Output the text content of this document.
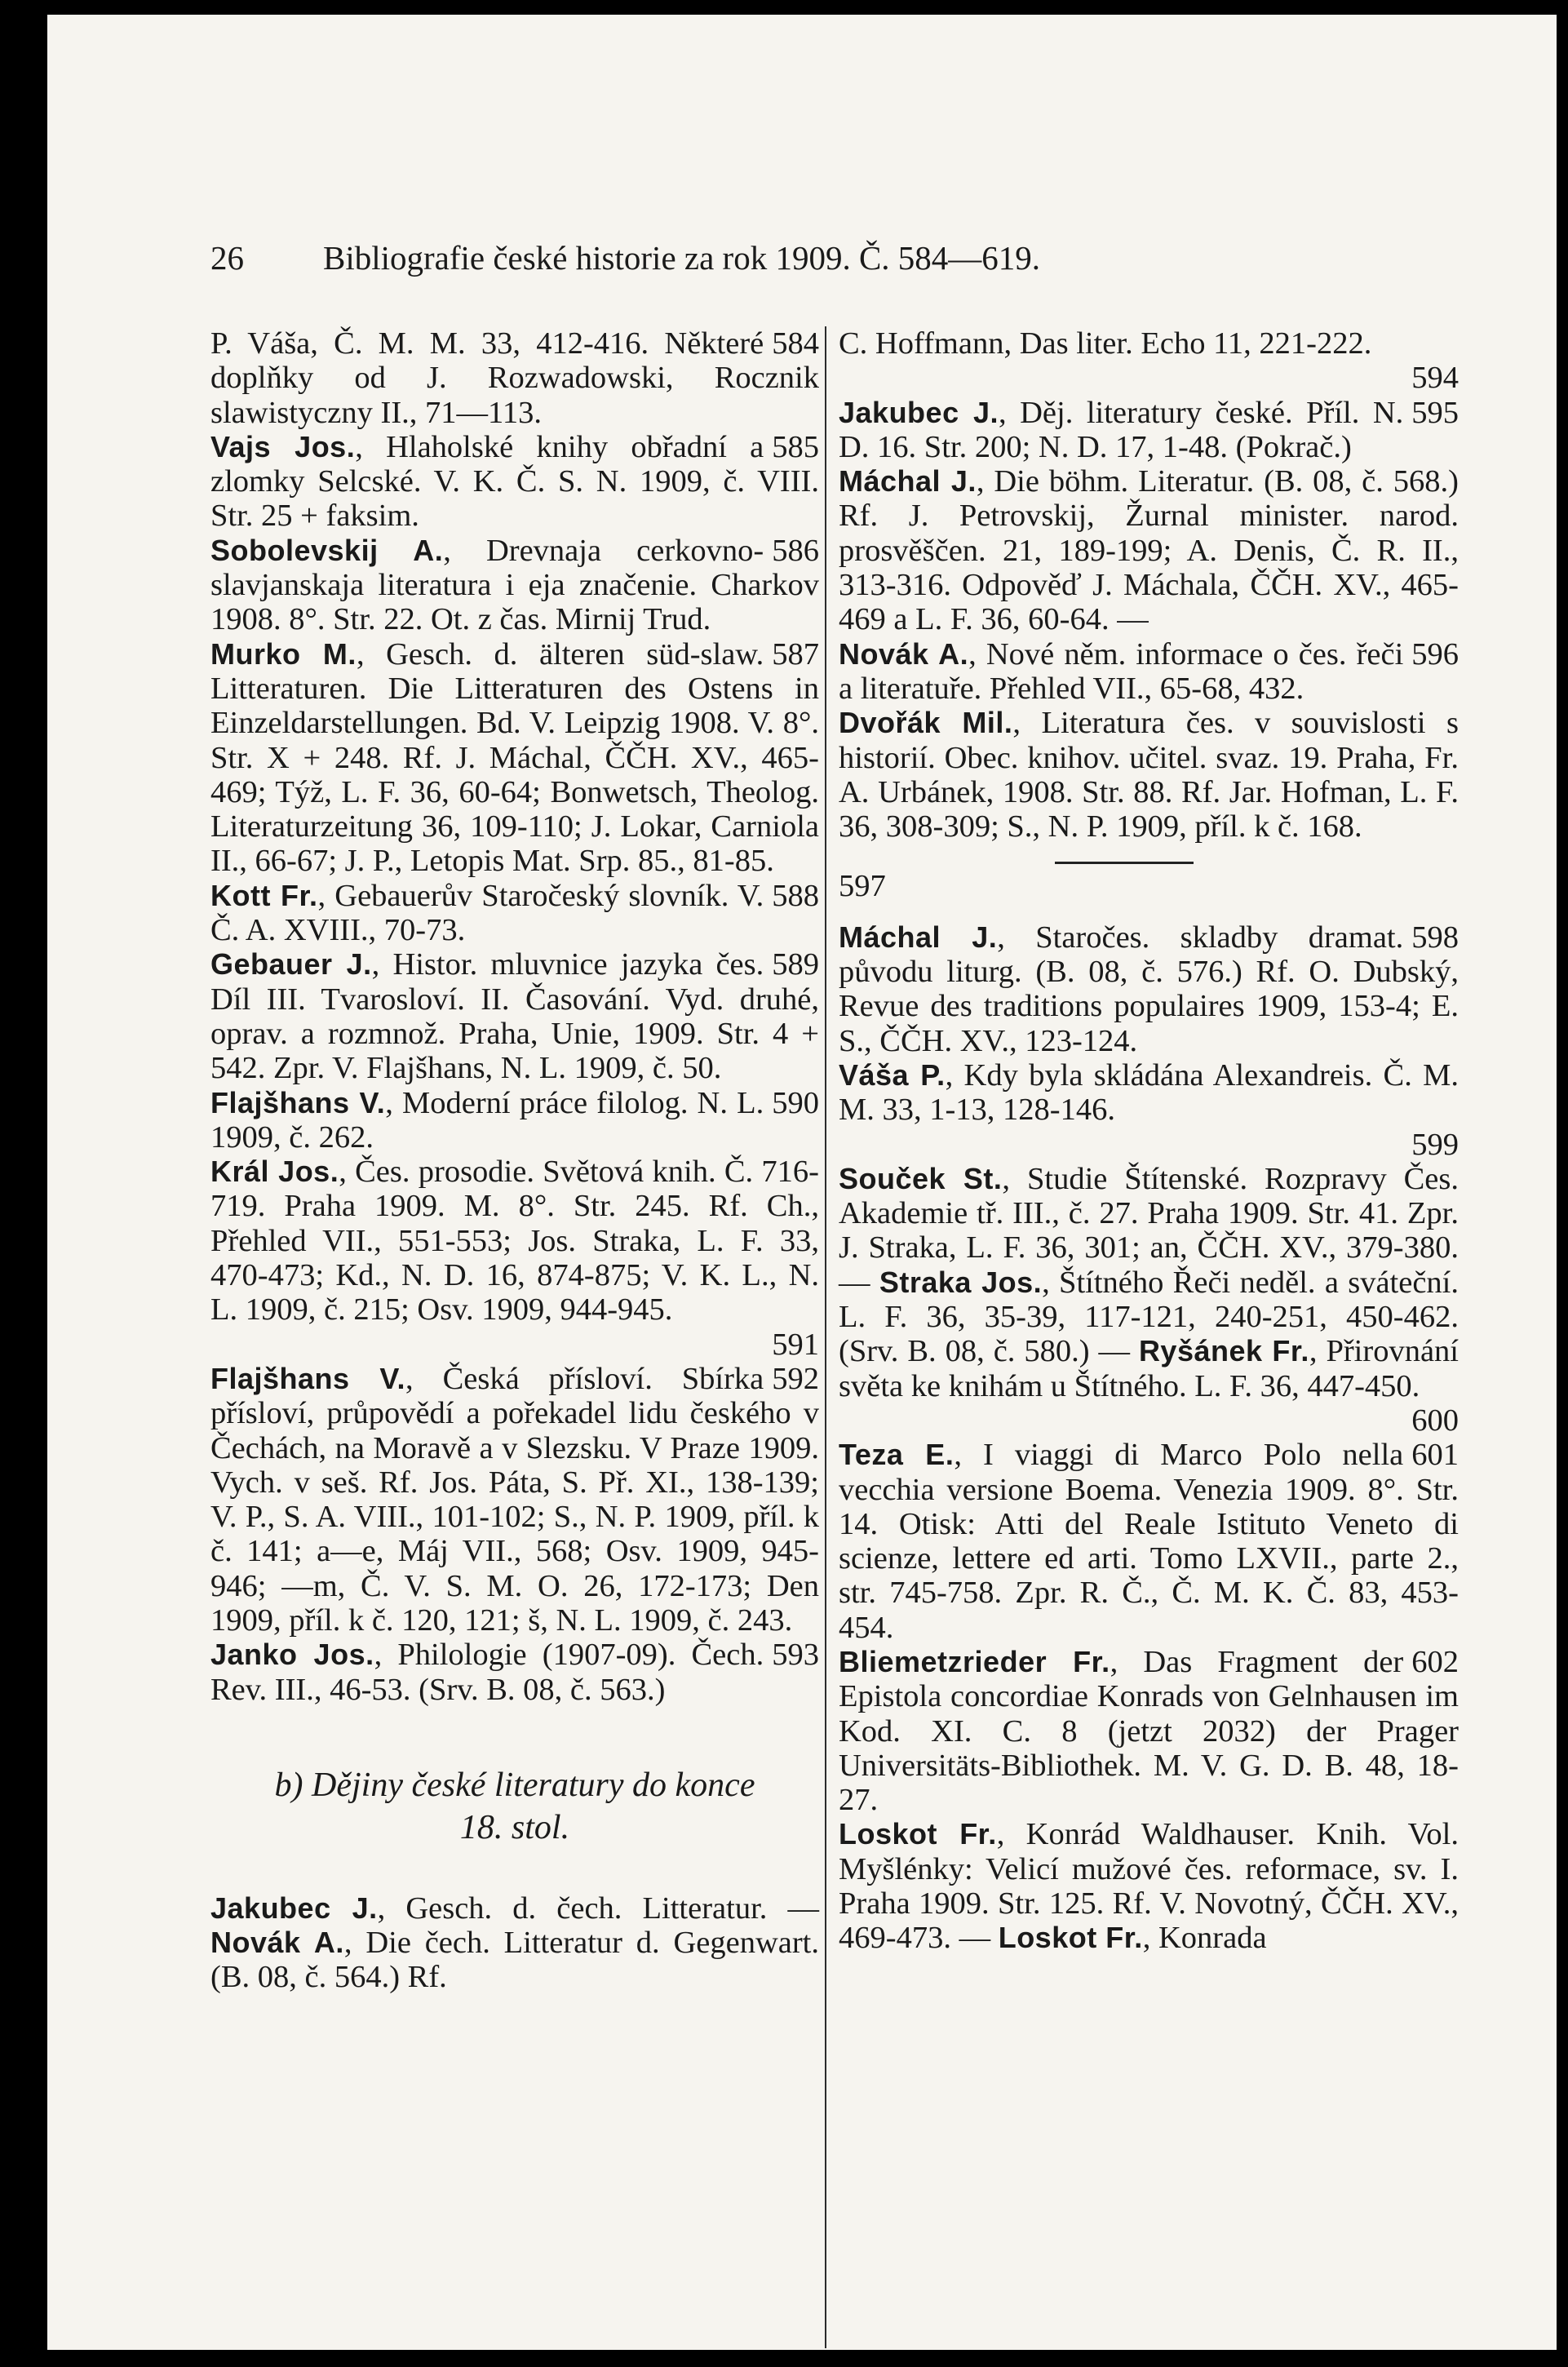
26 Bibliografie české historie za rok 1909. Č. 584—619.

584
P. Váša, Č. M. M. 33, 412-416. Některé doplňky od J. Rozwadowski, Rocznik slawistyczny II., 71—113.

585
Vajs Jos., Hlaholské knihy obřadní a zlomky Selcské. V. K. Č. S. N. 1909, č. VIII. Str. 25 + faksim.

586
Sobolevskij A., Drevnaja cerkovno-slavjanskaja literatura i eja značenie. Charkov 1908. 8°. Str. 22. Ot. z čas. Mirnij Trud.

587
Murko M., Gesch. d. älteren süd-slaw. Litteraturen. Die Litteraturen des Ostens in Einzeldarstellungen. Bd. V. Leipzig 1908. V. 8°. Str. X + 248. Rf. J. Máchal, ČČH. XV., 465-469; Týž, L. F. 36, 60-64; Bonwetsch, Theolog. Literaturzeitung 36, 109-110; J. Lokar, Carniola II., 66-67; J. P., Letopis Mat. Srp. 85., 81-85.

588
Kott Fr., Gebauerův Staročeský slovník. V. Č. A. XVIII., 70-73.

589
Gebauer J., Histor. mluvnice jazyka čes. Díl III. Tvarosloví. II. Časování. Vyd. druhé, oprav. a rozmnož. Praha, Unie, 1909. Str. 4 + 542. Zpr. V. Flajšhans, N. L. 1909, č. 50.

590
Flajšhans V., Moderní práce filolog. N. L. 1909, č. 262.

Král Jos., Čes. prosodie. Světová knih. Č. 716-719. Praha 1909. M. 8°. Str. 245. Rf. Ch., Přehled VII., 551-553; Jos. Straka, L. F. 33, 470-473; Kd., N. D. 16, 874-875; V. K. L., N. L. 1909, č. 215; Osv. 1909, 944-945.
591

592
Flajšhans V., Česká přísloví. Sbírka přísloví, průpovědí a pořekadel lidu českého v Čechách, na Moravě a v Slezsku. V Praze 1909. Vych. v seš. Rf. Jos. Páta, S. Př. XI., 138-139; V. P., S. A. VIII., 101-102; S., N. P. 1909, příl. k č. 141; a—e, Máj VII., 568; Osv. 1909, 945-946; —m, Č. V. S. M. O. 26, 172-173; Den 1909, příl. k č. 120, 121; š, N. L. 1909, č. 243.

593
Janko Jos., Philologie (1907-09). Čech. Rev. III., 46-53. (Srv. B. 08, č. 563.)

b) Dějiny české literatury do konce
18. stol.

Jakubec J., Gesch. d. čech. Litteratur. — Novák A., Die čech. Litteratur d. Gegenwart. (B. 08, č. 564.) Rf.

C. Hoffmann, Das liter. Echo 11, 221-222.
594

595
Jakubec J., Děj. literatury české. Příl. N. D. 16. Str. 200; N. D. 17, 1-48. (Pokrač.)

Máchal J., Die böhm. Literatur. (B. 08, č. 568.) Rf. J. Petrovskij, Žurnal minister. narod. prosvěščen. 21, 189-199; A. Denis, Č. R. II., 313-316. Odpověď J. Máchala, ČČH. XV., 465-469 a L. F. 36, 60-64. —

596
Novák A., Nové něm. informace o čes. řeči a literatuře. Přehled VII., 65-68, 432.

Dvořák Mil., Literatura čes. v souvislosti s historií. Obec. knihov. učitel. svaz. 19. Praha, Fr. A. Urbánek, 1908. Str. 88. Rf. Jar. Hofman, L. F. 36, 308-309; S., N. P. 1909, příl. k č. 168.

597

598
Máchal J., Staročes. skladby dramat. původu liturg. (B. 08, č. 576.) Rf. O. Dubský, Revue des traditions populaires 1909, 153-4; E. S., ČČH. XV., 123-124.

Váša P., Kdy byla skládána Alexandreis. Č. M. M. 33, 1-13, 128-146.
599

Souček St., Studie Štítenské. Rozpravy Čes. Akademie tř. III., č. 27. Praha 1909. Str. 41. Zpr. J. Straka, L. F. 36, 301; an, ČČH. XV., 379-380. — Straka Jos., Štítného Řeči neděl. a sváteční. L. F. 36, 35-39, 117-121, 240-251, 450-462. (Srv. B. 08, č. 580.) — Ryšánek Fr., Přirovnání světa ke knihám u Štítného. L. F. 36, 447-450.
600

601
Teza E., I viaggi di Marco Polo nella vecchia versione Boema. Venezia 1909. 8°. Str. 14. Otisk: Atti del Reale Istituto Veneto di scienze, lettere ed arti. Tomo LXVII., parte 2., str. 745-758. Zpr. R. Č., Č. M. K. Č. 83, 453-454.

602
Bliemetzrieder Fr., Das Fragment der Epistola concordiae Konrads von Gelnhausen im Kod. XI. C. 8 (jetzt 2032) der Prager Universitäts-Bibliothek. M. V. G. D. B. 48, 18-27.

Loskot Fr., Konrád Waldhauser. Knih. Vol. Myšlénky: Velicí mužové čes. reformace, sv. I. Praha 1909. Str. 125. Rf. V. Novotný, ČČH. XV., 469-473. — Loskot Fr., Konrada
